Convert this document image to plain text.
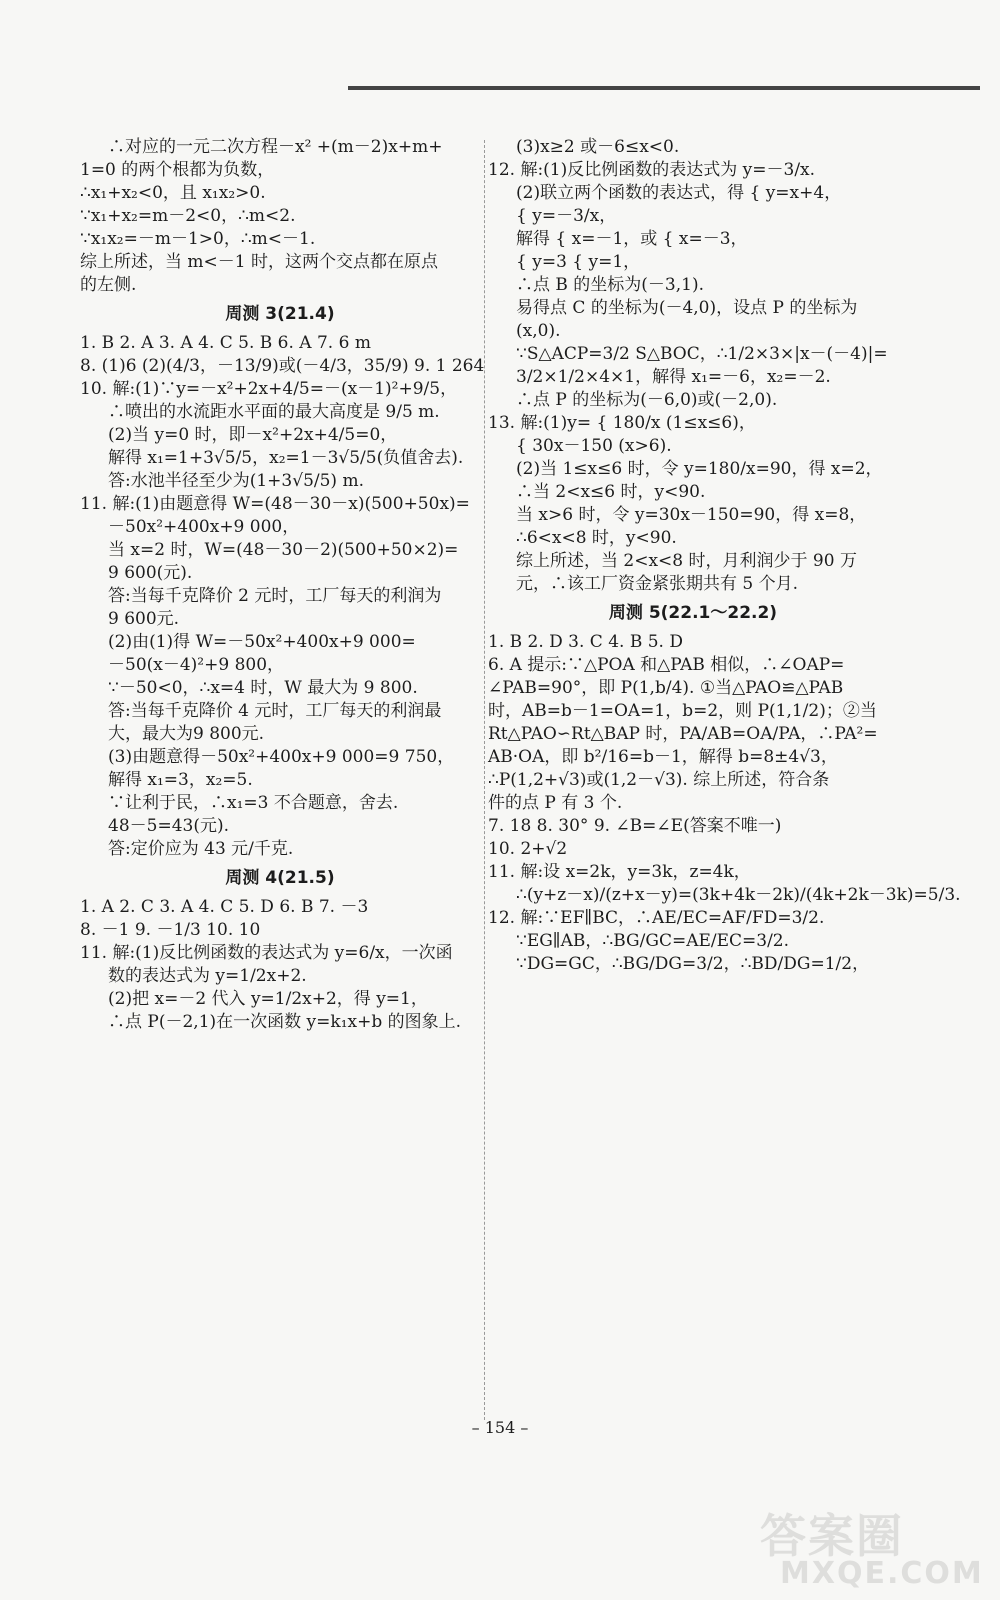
∴对应的一元二次方程－x² +(m－2)x+m+
1=0 的两个根都为负数，
∴x₁+x₂<0，且 x₁x₂>0.
∵x₁+x₂=m－2<0，∴m<2.
∵x₁x₂=－m－1>0，∴m<－1.
综上所述，当 m<－1 时，这两个交点都在原点
的左侧.
周测 3(21.4)
1. B 2. A 3. A 4. C 5. B 6. A 7. 6 m
8. (1)6 (2)(4/3，－13/9)或(－4/3，35/9) 9. 1 264
10. 解:(1)∵y=－x²+2x+4/5=－(x－1)²+9/5，
∴喷出的水流距水平面的最大高度是 9/5 m.
(2)当 y=0 时，即－x²+2x+4/5=0，
解得 x₁=1+3√5/5，x₂=1－3√5/5(负值舍去).
答:水池半径至少为(1+3√5/5) m.
11. 解:(1)由题意得 W=(48－30－x)(500+50x)=
－50x²+400x+9 000，
当 x=2 时，W=(48－30－2)(500+50×2)=
9 600(元).
答:当每千克降价 2 元时，工厂每天的利润为
9 600元.
(2)由(1)得 W=－50x²+400x+9 000=
－50(x－4)²+9 800，
∵－50<0，∴x=4 时，W 最大为 9 800.
答:当每千克降价 4 元时，工厂每天的利润最
大，最大为9 800元.
(3)由题意得－50x²+400x+9 000=9 750，
解得 x₁=3，x₂=5.
∵让利于民，∴x₁=3 不合题意，舍去.
48－5=43(元).
答:定价应为 43 元/千克.
周测 4(21.5)
1. A 2. C 3. A 4. C 5. D 6. B 7. －3
8. －1 9. －1/3 10. 10
11. 解:(1)反比例函数的表达式为 y=6/x，一次函
数的表达式为 y=1/2x+2.
(2)把 x=－2 代入 y=1/2x+2，得 y=1，
∴点 P(－2,1)在一次函数 y=k₁x+b 的图象上.
(3)x≥2 或－6≤x<0.
12. 解:(1)反比例函数的表达式为 y=－3/x.
(2)联立两个函数的表达式，得 { y=x+4，
{ y=－3/x，
解得 { x=－1，或 { x=－3，
{ y=3 { y=1，
∴点 B 的坐标为(－3,1).
易得点 C 的坐标为(－4,0)，设点 P 的坐标为
(x,0).
∵S△ACP=3/2 S△BOC，∴1/2×3×|x－(－4)|=
3/2×1/2×4×1，解得 x₁=－6，x₂=－2.
∴点 P 的坐标为(－6,0)或(－2,0).
13. 解:(1)y= { 180/x (1≤x≤6)，
{ 30x－150 (x>6).
(2)当 1≤x≤6 时，令 y=180/x=90，得 x=2，
∴当 2<x≤6 时，y<90.
当 x>6 时，令 y=30x－150=90，得 x=8，
∴6<x<8 时，y<90.
综上所述，当 2<x<8 时，月利润少于 90 万
元，∴该工厂资金紧张期共有 5 个月.
周测 5(22.1～22.2)
1. B 2. D 3. C 4. B 5. D
6. A 提示:∵△POA 和△PAB 相似，∴∠OAP=
∠PAB=90°，即 P(1,b/4). ①当△PAO≌△PAB
时，AB=b－1=OA=1，b=2，则 P(1,1/2)；②当
Rt△PAO∽Rt△BAP 时，PA/AB=OA/PA，∴PA²=
AB·OA，即 b²/16=b－1，解得 b=8±4√3，
∴P(1,2+√3)或(1,2－√3). 综上所述，符合条
件的点 P 有 3 个.
7. 18 8. 30° 9. ∠B=∠E(答案不唯一)
10. 2+√2
11. 解:设 x=2k，y=3k，z=4k，
∴(y+z－x)/(z+x－y)=(3k+4k－2k)/(4k+2k－3k)=5/3.
12. 解:∵EF∥BC，∴AE/EC=AF/FD=3/2.
∵EG∥AB，∴BG/GC=AE/EC=3/2.
∵DG=GC，∴BG/DG=3/2，∴BD/DG=1/2，
– 154 –
答案圈
MXQE.COM
